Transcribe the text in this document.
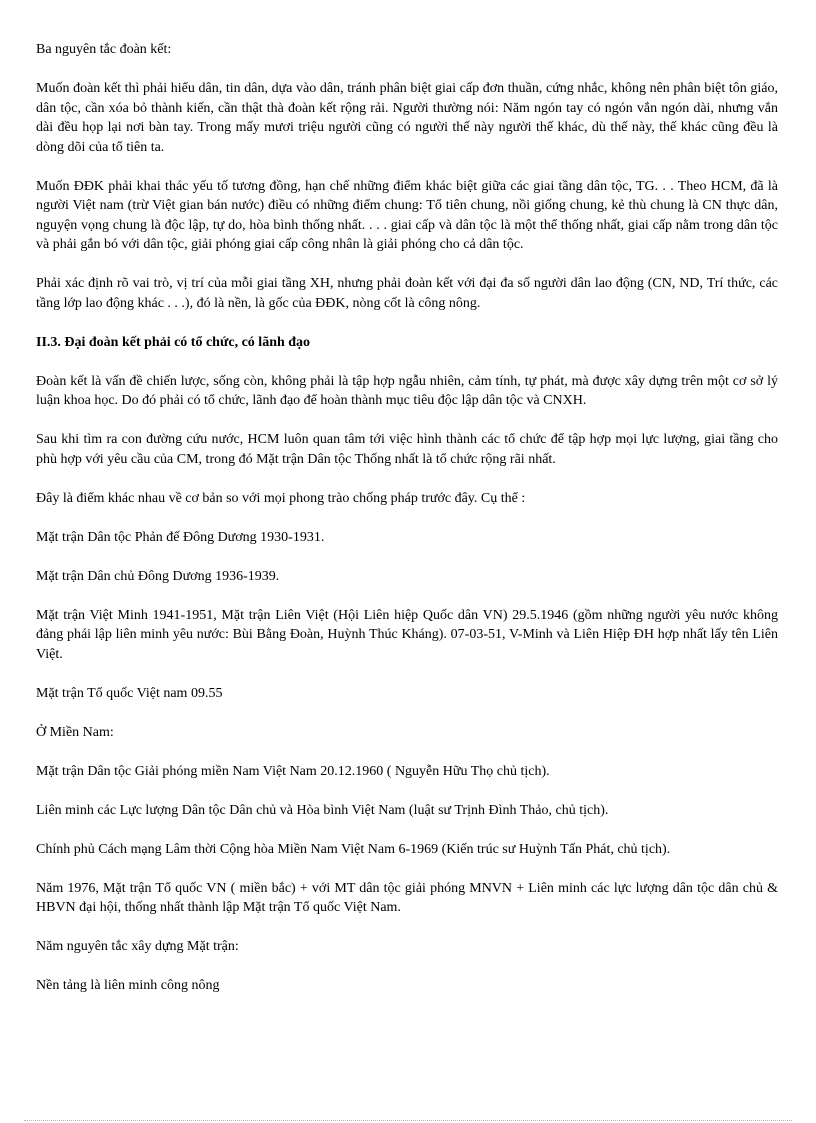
Ba nguyên tắc đoàn kết:

Muốn đoàn kết thì phải hiểu dân, tin dân, dựa vào dân, tránh phân biệt giai cấp đơn thuần, cứng nhắc, không nên phân biệt tôn giáo, dân tộc, cần xóa bỏ thành kiến, cần thật thà đoàn kết rộng rải. Người thường nói: Năm ngón tay có ngón vắn ngón dài, nhưng vắn dài đều họp lại nơi bàn tay. Trong mấy mươi triệu người cũng có người thế này người thế khác, dù thế này, thế khác cũng đều là dòng dõi của tổ tiên ta.

Muốn ĐĐK phải khai thác yếu tố tương đồng, hạn chế những điểm khác biệt giữa các giai tầng dân tộc, TG. . . Theo HCM, đã là người Việt nam (trừ Việt gian bán nước) điều có những điểm chung: Tổ tiên chung, nồi giống chung, kẻ thù chung là CN thực dân, nguyện vọng chung là độc lập, tự do, hòa bình thống nhất. . . . giai cấp và dân tộc là một thể thống nhất, giai cấp nằm trong dân tộc và phải gắn bó với dân tộc, giải phóng giai cấp công nhân là giải phóng cho cả dân tộc.

Phải xác định rõ vai trò, vị trí của mỗi giai tầng XH, nhưng phải đoàn kết với đại đa số người dân lao động (CN, ND, Trí thức, các tầng lớp lao động khác . . .), đó là nền, là gốc của ĐĐK, nòng cốt là công nông.

II.3. Đại đoàn kết phải có tổ chức, có lãnh đạo

Đoàn kết là vấn đề chiến lược, sống còn, không phải là tập hợp ngẫu nhiên, cảm tính, tự phát, mà được xây dựng trên một cơ sở lý luận khoa học. Do đó phải có tổ chức, lãnh đạo để hoàn thành mục tiêu độc lập dân tộc và CNXH.

Sau khi tìm ra con đường cứu nước, HCM luôn quan tâm tới việc hình thành các tổ chức để tập hợp mọi lực lượng, giai tầng cho phù hợp với yêu cầu của CM, trong đó Mặt trận Dân tộc Thống nhất là tổ chức rộng rãi nhất.

Đây là điểm khác nhau về cơ bản so với mọi phong trào chống pháp trước đây. Cụ thể :

Mặt trận Dân tộc Phản đế Đông Dương 1930-1931.

Mặt trận Dân chủ Đông Dương 1936-1939.

Mặt trận Việt Minh 1941-1951, Mặt trận Liên Việt (Hội Liên hiệp Quốc dân VN) 29.5.1946 (gồm những người yêu nước không đảng phái lập liên minh yêu nước: Bùi Bằng Đoàn, Huỳnh Thúc Kháng). 07-03-51, V-Minh và Liên Hiệp ĐH hợp nhất lấy tên Liên Việt.

Mặt trận Tổ quốc Việt nam 09.55

Ở Miền Nam:

Mặt trận Dân tộc Giải phóng miền Nam Việt Nam 20.12.1960 ( Nguyễn Hữu Thọ chủ tịch).

Liên minh các Lực lượng Dân tộc Dân chủ và Hòa bình Việt Nam (luật sư Trịnh Đình Thảo, chủ tịch).

Chính phủ Cách mạng Lâm thời Cộng hòa Miền Nam Việt Nam 6-1969 (Kiến trúc sư Huỳnh Tấn Phát, chủ tịch).

Năm 1976, Mặt trận Tổ quốc VN ( miền bắc) + với MT dân tộc giải phóng MNVN + Liên minh các lực lượng dân tộc dân chủ & HBVN đại hội, thống nhất thành lập Mặt trận Tổ quốc Việt Nam.

Năm nguyên tắc xây dựng Mặt trận:

Nền tảng là liên minh công nông
